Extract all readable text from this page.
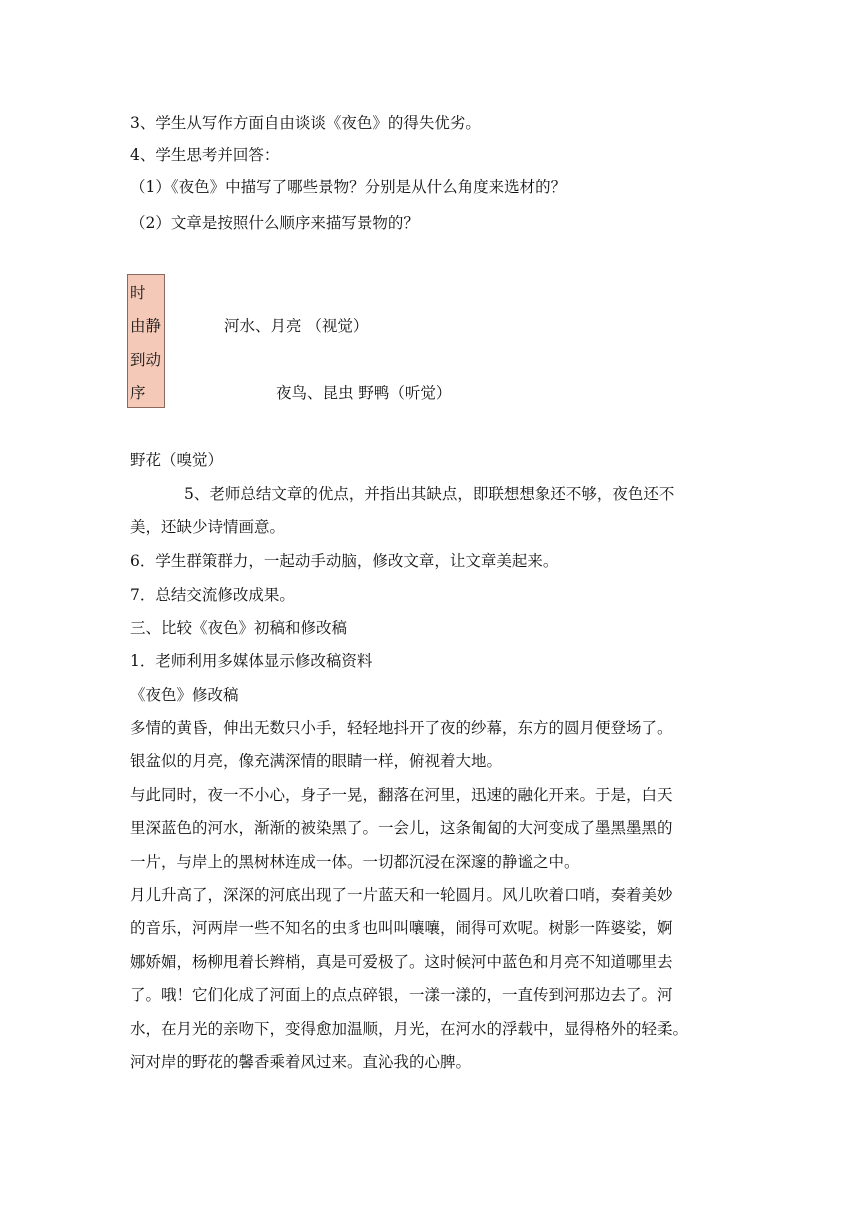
3、学生从写作方面自由谈谈《夜色》的得失优劣。
4、学生思考并回答：
（1）《夜色》中描写了哪些景物？分别是从什么角度来选材的？
（2）文章是按照什么顺序来描写景物的？
时
由静
到动
序
河水、月亮 （视觉）
夜鸟、昆虫 野鸭（听觉）
野花（嗅觉）
5、老师总结文章的优点，并指出其缺点，即联想想象还不够，夜色还不
美，还缺少诗情画意。
6．学生群策群力，一起动手动脑，修改文章，让文章美起来。
7．总结交流修改成果。
三、比较《夜色》初稿和修改稿
1．老师利用多媒体显示修改稿资料
《夜色》修改稿
多情的黄昏，伸出无数只小手，轻轻地抖开了夜的纱幕，东方的圆月便登场了。
银盆似的月亮，像充满深情的眼睛一样，俯视着大地。
与此同时，夜一不小心，身子一晃，翻落在河里，迅速的融化开来。于是，白天
里深蓝色的河水，渐渐的被染黑了。一会儿，这条匍匐的大河变成了墨黑墨黑的
一片，与岸上的黑树林连成一体。一切都沉浸在深邃的静谧之中。
月儿升高了，深深的河底出现了一片蓝天和一轮圆月。风儿吹着口哨，奏着美妙
的音乐，河两岸一些不知名的虫豸也叫叫嚷嚷，闹得可欢呢。树影一阵婆娑，婀
娜娇媚，杨柳甩着长辫梢，真是可爱极了。这时候河中蓝色和月亮不知道哪里去
了。哦！它们化成了河面上的点点碎银，一漾一漾的，一直传到河那边去了。河
水，在月光的亲吻下，变得愈加温顺，月光，在河水的浮载中，显得格外的轻柔。
河对岸的野花的馨香乘着风过来。直沁我的心脾。
